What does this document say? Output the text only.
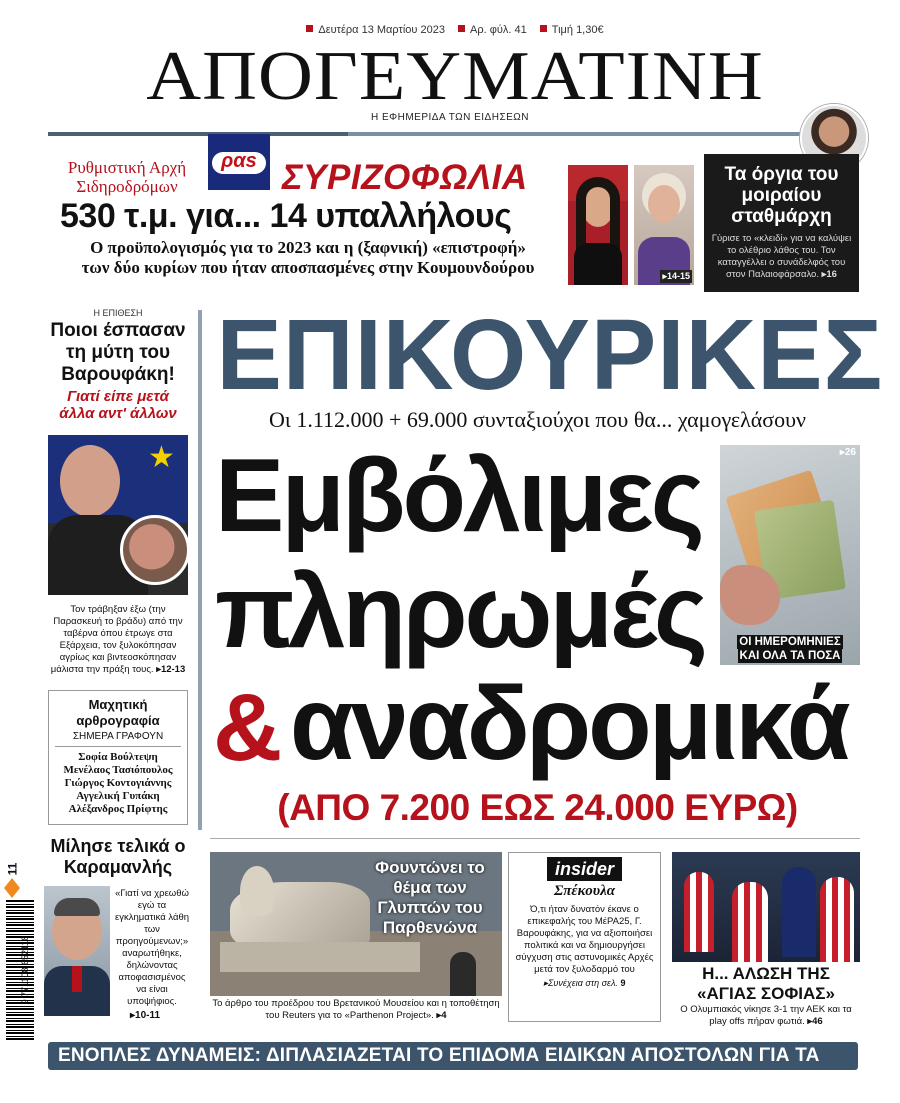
Δευτέρα 13 Μαρτίου 2023 Αρ. φύλ. 41 Τιμή 1,30€
ΑΠΟΓΕΥΜΑΤΙΝΗ
Η ΕΦΗΜΕΡΙΔΑ ΤΩΝ ΕΙΔΗΣΕΩΝ
Ρυθμιστική Αρχή
Σιδηροδρόμων
ραs ΣΥΡΙΖΟΦΩΛΙΑ
530 τ.μ. για... 14 υπαλλήλους
Ο προϋπολογισμός για το 2023 και η (ξαφνική) «επιστροφή»
των δύο κυρίων που ήταν αποσπασμένες στην Κουμουνδούρου	▸14-15
Τα όργια του μοιραίου σταθμάρχη
Γύρισε το «κλειδί» για να καλύψει το ολέθριο λάθος του. Τον καταγγέλλει ο συνάδελφός του στον Παλαιοφάρσαλο. ▸16
Η ΕΠΙΘΕΣΗ
Ποιοι έσπασαν τη μύτη του Βαρουφάκη!
Γιατί είπε μετά άλλα αντ' άλλων
★
Τον τράβηξαν έξω (την Παρασκευή το βράδυ) από την ταβέρνα όπου έτρωγε στα Εξάρχεια, τον ξυλοκόπησαν αγρίως και βιντεοσκόπησαν μάλιστα την πράξη τους. ▸12-13
Μαχητική αρθρογραφία
ΣΗΜΕΡΑ ΓΡΑΦΟΥΝ
Σοφία Βούλτεψη
Μενέλαος Τασιόπουλος
Γιώργος Κοντογιάννης
Αγγελική Γυπάκη
Αλέξανδρος Πρίφτης
Μίλησε τελικά ο Καραμανλής
«Γιατί να χρεωθώ εγώ τα εγκληματικά λάθη των προηγούμενων;» αναρωτήθηκε, δηλώνοντας αποφασισμένος να είναι υποψήφιος.
▸10-11
11
9 771108 652118
ΕΠΙΚΟΥΡΙΚΕΣ
Οι 1.112.000 + 69.000 συνταξιούχοι που θα... χαμογελάσουν
▸26
ΟΙ ΗΜΕΡΟΜΗΝΙΕΣ
ΚΑΙ ΟΛΑ ΤΑ ΠΟΣΑ
Εμβόλιμες
πληρωμές
& αναδρομικά
(ΑΠΟ 7.200 ΕΩΣ 24.000 ΕΥΡΩ)
Φουντώνει το θέμα των Γλυπτών του Παρθενώνα
Το άρθρο του προέδρου του Βρετανικού Μουσείου και η τοποθέτηση του Reuters για το «Parthenon Project». ▸4
insider
Σπέκουλα
Ό,τι ήταν δυνατόν έκανε ο επικεφαλής του ΜέΡΑ25, Γ. Βαρουφάκης, για να αξιοποιήσει πολιτικά και να δημιουργήσει σύγχυση στις αστυνομικές Αρχές μετά τον ξυλοδαρμό του
▸Συνέχεια στη σελ. 9	Η... ΑΛΩΣΗ ΤΗΣ «ΑΓΙΑΣ ΣΟΦΙΑΣ»
Ο Ολυμπιακός νίκησε 3-1 την ΑΕΚ και τα play offs πήραν φωτιά. ▸46
ΕΝΟΠΛΕΣ ΔΥΝΑΜΕΙΣ: ΔΙΠΛΑΣΙΑΖΕΤΑΙ ΤΟ ΕΠΙΔΟΜΑ ΕΙΔΙΚΩΝ ΑΠΟΣΤΟΛΩΝ ΓΙΑ ΤΑ ΣΤΕΛΕΧΗ ▸5
